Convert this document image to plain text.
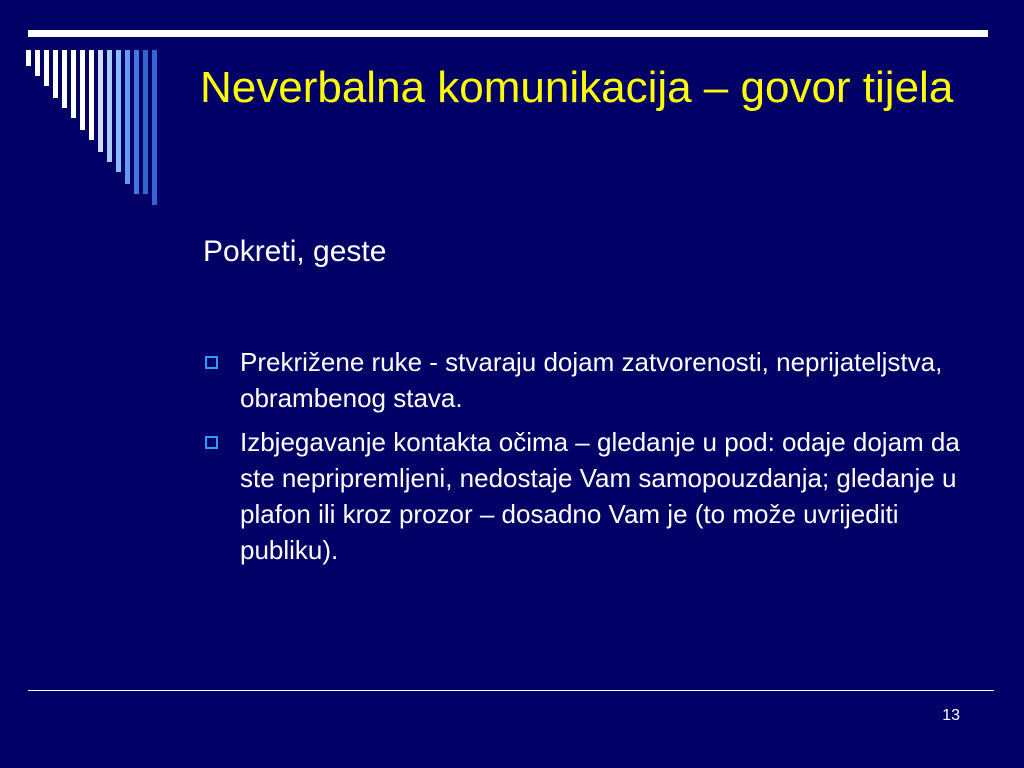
Neverbalna komunikacija – govor tijela

Pokreti, geste

Prekrižene ruke - stvaraju dojam zatvorenosti, neprijateljstva, obrambenog stava.
Izbjegavanje kontakta očima – gledanje u pod: odaje dojam da ste nepripremljeni, nedostaje Vam samopouzdanja; gledanje u plafon ili kroz prozor – dosadno Vam je (to može uvrijediti publiku).
13
